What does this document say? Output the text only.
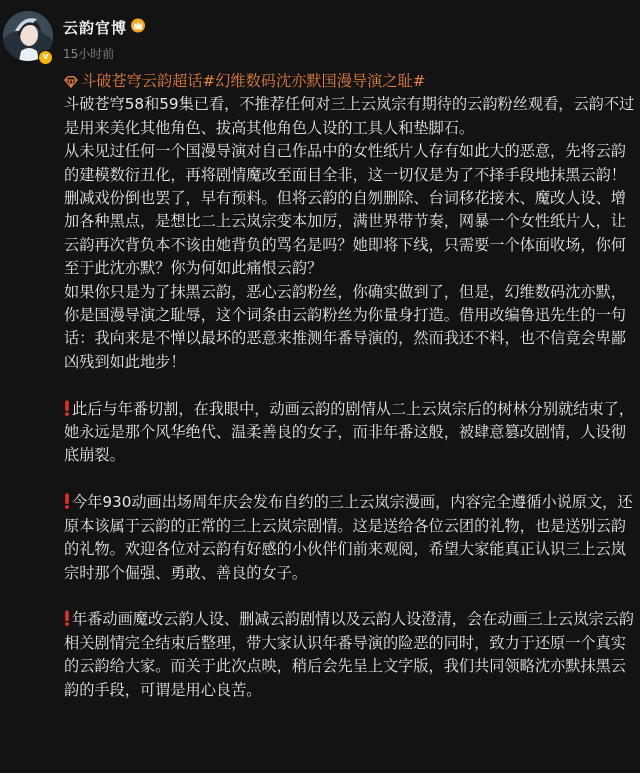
v
云韵官博
15小时前
斗破苍穹云韵超话#幻维数码沈亦默国漫导演之耻#

斗破苍穹58和59集已看，不推荐任何对三上云岚宗有期待的云韵粉丝观看，云韵不过是用来美化其他角色、拔高其他角色人设的工具人和垫脚石。

从未见过任何一个国漫导演对自己作品中的女性纸片人存有如此大的恶意，先将云韵的建模数衍丑化，再将剧情魔改至面目全非，这一切仅是为了不择手段地抹黑云韵！

删减戏份倒也罢了，早有预料。但将云韵的自刎删除、台词移花接木、魔改人设、增加各种黑点，是想比二上云岚宗变本加厉，满世界带节奏，网暴一个女性纸片人，让云韵再次背负本不该由她背负的骂名是吗？她即将下线，只需要一个体面收场，你何至于此沈亦默？你为何如此痛恨云韵？

如果你只是为了抹黑云韵，恶心云韵粉丝，你确实做到了，但是，幻维数码沈亦默，你是国漫导演之耻辱，这个词条由云韵粉丝为你量身打造。借用改编鲁迅先生的一句话：我向来是不惮以最坏的恶意来推测年番导演的，然而我还不料，也不信竟会卑鄙凶残到如此地步！

此后与年番切割，在我眼中，动画云韵的剧情从二上云岚宗后的树林分别就结束了，她永远是那个风华绝代、温柔善良的女子，而非年番这般，被肆意篡改剧情，人设彻底崩裂。

今年930动画出场周年庆会发布自约的三上云岚宗漫画，内容完全遵循小说原文，还原本该属于云韵的正常的三上云岚宗剧情。这是送给各位云团的礼物，也是送别云韵的礼物。欢迎各位对云韵有好感的小伙伴们前来观阅，希望大家能真正认识三上云岚宗时那个倔强、勇敢、善良的女子。

年番动画魔改云韵人设、删减云韵剧情以及云韵人设澄清，会在动画三上云岚宗云韵相关剧情完全结束后整理，带大家认识年番导演的险恶的同时，致力于还原一个真实的云韵给大家。而关于此次点映，稍后会先呈上文字版，我们共同领略沈亦默抹黑云韵的手段，可谓是用心良苦。
